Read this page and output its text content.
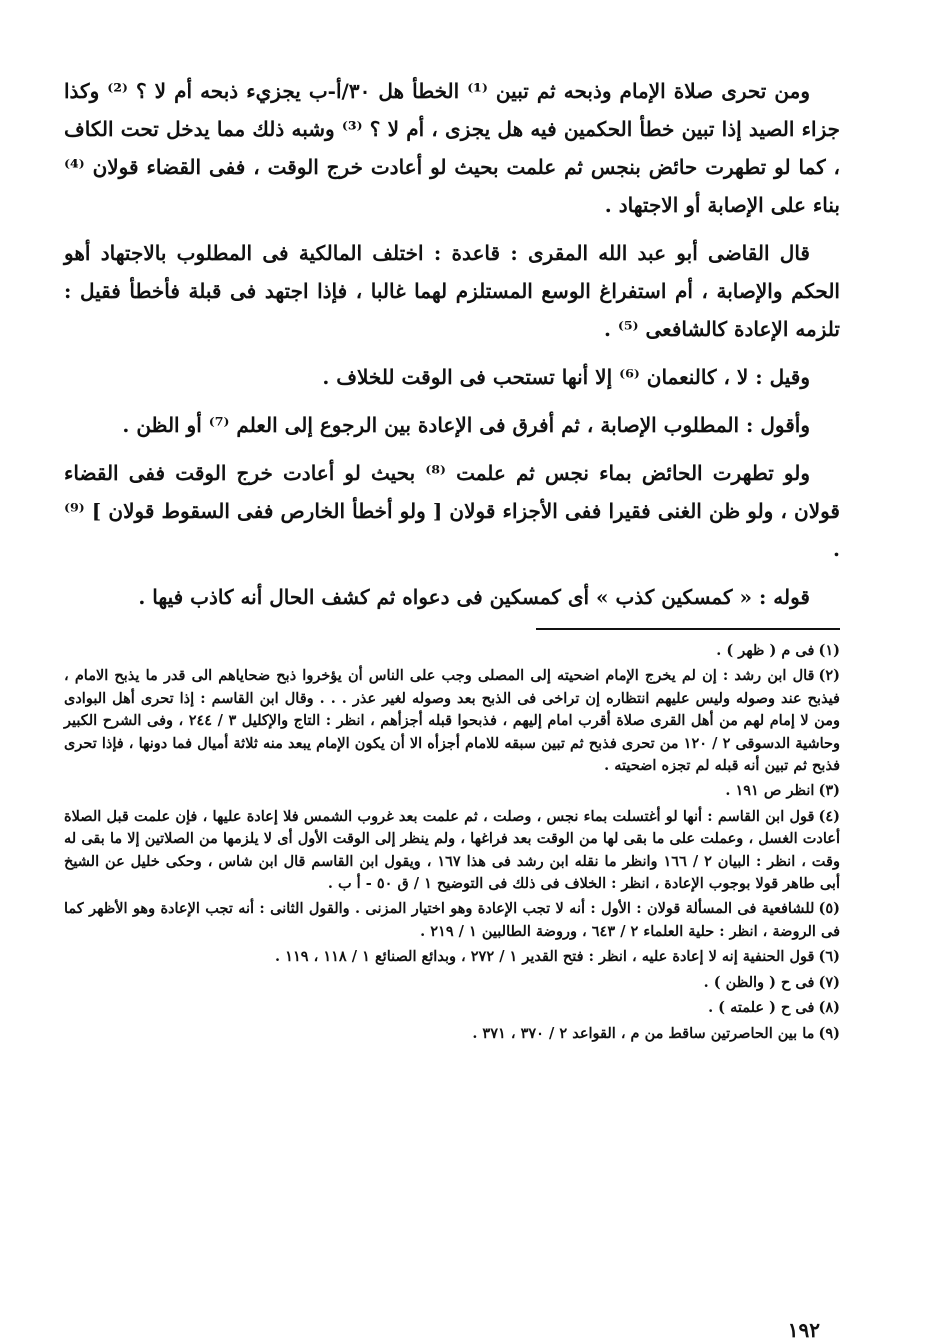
ومن تحرى صلاة الإمام وذبحه ثم تبين ⁽¹⁾ الخطأ هل ٣٠/أ-ب يجزيء ذبحه أم لا ؟ ⁽²⁾ وكذا جزاء الصيد إذا تبين خطأ الحكمين فيه هل يجزى ، أم لا ؟ ⁽³⁾ وشبه ذلك مما يدخل تحت الكاف ، كما لو تطهرت حائض بنجس ثم علمت بحيث لو أعادت خرج الوقت ، ففى القضاء قولان ⁽⁴⁾ بناء على الإصابة أو الاجتهاد .

قال القاضى أبو عبد الله المقرى : قاعدة : اختلف المالكية فى المطلوب بالاجتهاد أهو الحكم والإصابة ، أم استفراغ الوسع المستلزم لهما غالبا ، فإذا اجتهد فى قبلة فأخطأ فقيل : تلزمه الإعادة كالشافعى ⁽⁵⁾ .

وقيل : لا ، كالنعمان ⁽⁶⁾ إلا أنها تستحب فى الوقت للخلاف .

وأقول : المطلوب الإصابة ، ثم أفرق فى الإعادة بين الرجوع إلى العلم ⁽⁷⁾ أو الظن .

ولو تطهرت الحائض بماء نجس ثم علمت ⁽⁸⁾ بحيث لو أعادت خرج الوقت ففى القضاء قولان ، ولو ظن الغنى فقيرا ففى الأجزاء قولان [ ولو أخطأ الخارص ففى السقوط قولان ] ⁽⁹⁾ .

قوله : « كمسكين كذب » أى كمسكين فى دعواه ثم كشف الحال أنه كاذب فيها .

(١)فى م ( ظهر ) .

(٢)قال ابن رشد : إن لم يخرج الإمام اضحيته إلى المصلى وجب على الناس أن يؤخروا ذبح ضحاياهم الى قدر ما يذبح الامام ، فيذبح عند وصوله وليس عليهم انتظاره إن تراخى فى الذبح بعد وصوله لغير عذر . . . وقال ابن القاسم : إذا تحرى أهل البوادى ومن لا إمام لهم من أهل القرى صلاة أقرب امام إليهم ، فذبحوا قبله أجزأهم ، انظر : التاج والإكليل ٣ / ٢٤٤ ، وفى الشرح الكبير وحاشية الدسوقى ٢ / ١٢٠ من تحرى فذبح ثم تبين سبقه للامام أجزأه الا أن يكون الإمام يبعد منه ثلاثة أميال فما دونها ، فإذا تحرى فذبح ثم تبين أنه قبله لم تجزه اضحيته .

(٣)انظر ص ١٩١ .

(٤)قول ابن القاسم : أنها لو أغتسلت بماء نجس ، وصلت ، ثم علمت بعد غروب الشمس فلا إعادة عليها ، فإن علمت قبل الصلاة أعادت الغسل ، وعملت على ما بقى لها من الوقت بعد فراغها ، ولم ينظر إلى الوقت الأول أى لا يلزمها من الصلاتين إلا ما بقى له وقت ، انظر : البيان ٢ / ١٦٦ وانظر ما نقله ابن رشد فى هذا ١٦٧ ، ويقول ابن القاسم قال ابن شاس ، وحكى خليل عن الشيخ أبى طاهر قولا بوجوب الإعادة ، انظر : الخلاف فى ذلك فى التوضيح ١ / ق ٥٠ - أ ب .

(٥)للشافعية فى المسألة قولان : الأول : أنه لا تجب الإعادة وهو اختيار المزنى . والقول الثانى : أنه تجب الإعادة وهو الأظهر كما فى الروضة ، انظر : حلية العلماء ٢ / ٦٤٣ ، وروضة الطالبين ١ / ٢١٩ .

(٦)قول الحنفية إنه لا إعادة عليه ، انظر : فتح القدير ١ / ٢٧٢ ، وبدائع الصنائع ١ / ١١٨ ، ١١٩ .

(٧)فى ح ( والظن ) .

(٨)فى ح ( علمته ) .

(٩)ما بين الحاصرتين ساقط من م ، القواعد ٢ / ٣٧٠ ، ٣٧١ .

١٩٢
